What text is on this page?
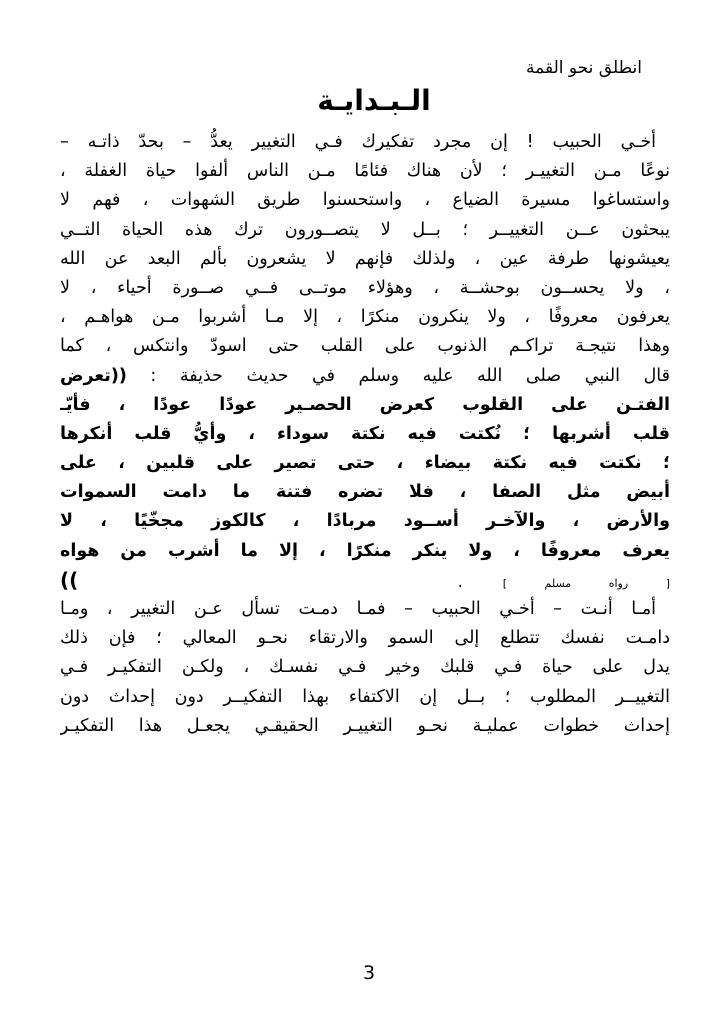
انطلق نحو القمة
الـبـدايـة
أخـي الحبيب ! إن مجرد تفكيرك فـي التغيير يعدُّ – بحدّ ذاتـه –
نوعًا مـن التغييـر ؛ لأن هناك فئامًا مـن الناس ألفوا حياة الغفلة ،
واستساغوا مسيرة الضياع ، واستحسنوا طريق الشهوات ، فهم لا
يبحثون عــن التغييــر ؛ بــل لا يتصــورون ترك هذه الحياة التــي
يعيشونها طرفة عين ، ولذلك فإنهم لا يشعرون بألم البعد عن الله
، ولا يحســون بوحشــة ، وهؤلاء موتــى فــي صــورة أحياء ، لا
يعرفون معروفًا ، ولا ينكرون منكرًا ، إلا مـا أشربوا مـن هواهـم ،
وهذا نتيجـة تراكـم الذنوب على القلب حتى اسودّ وانتكس ، كما
قال النبي صلى الله عليه وسلم في حديث حذيفة : ((تعرض
الفتـن على القلوب كعرض الحصـير عودًا عودًا ، فأيّـ
قلب أشربها ؛ نُكتت فيه نكتة سوداء ، وأيُّ قلب أنكرها
؛ نكتت فيه نكتة بيضاء ، حتى تصير على قلبين ، على
أبيض مثل الصفا ، فلا تضره فتنة ما دامت السموات
والأرض ، والآخـر أســود مربادًا ، كالكوز مجخّيًا ، لا
يعرف معروفًا ، ولا ينكر منكرًا ، إلا ما أشرب من هواه
[ رواه مسلم ] .  ))
أمـا أنـت – أخـي الحبيب – فمـا دمـت تسأل عـن التغيير ، ومـا
دامـت نفسك تتطلع إلى السمو والارتقاء نحـو المعالي ؛ فإن ذلك
يدل على حياة فـي قلبك وخير فـي نفسـك ، ولكـن التفكيـر فـي
التغييــر المطلوب ؛ بــل إن الاكتفاء بهذا التفكيــر دون إحداث دون
إحداث خطوات عمليـة نحـو التغييـر الحقيقـي يجعـل هذا التفكيـر
3
